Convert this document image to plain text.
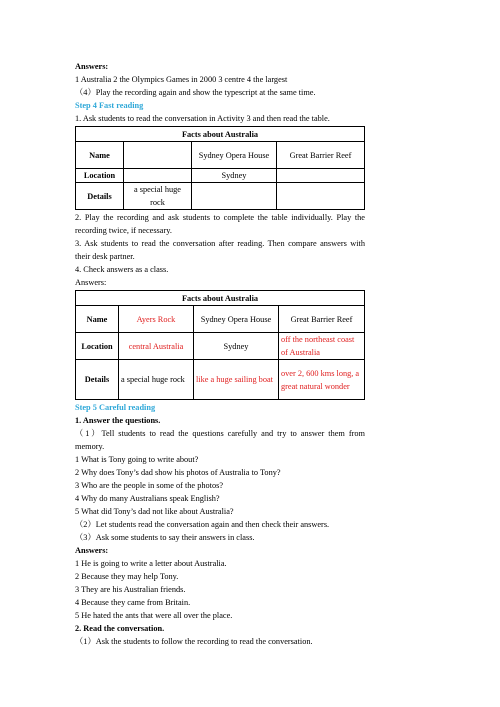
Answers:
1 Australia 2 the Olympics Games in 2000 3 centre 4 the largest
（4）Play the recording again and show the typescript at the same time.
Step 4 Fast reading
1. Ask students to read the conversation in Activity 3 and then read the table.
Facts about Australia			
Name		Sydney Opera House	Great Barrier Reef
Location		Sydney	
Details	a special huge rock		
2. Play the recording and ask students to complete the table individually. Play the recording twice, if necessary.
3. Ask students to read the conversation after reading. Then compare answers with their desk partner.
4. Check answers as a class.
Answers:
Facts about Australia			
Name	Ayers Rock	Sydney Opera House	Great Barrier Reef
Location	central Australia	Sydney	off the northeast coast of Australia
Details	a special huge rock	like a huge sailing boat	over 2, 600 kms long, a great natural wonder
Step 5 Careful reading
1. Answer the questions.
（1）Tell students to read the questions carefully and try to answer them from memory.
1 What is Tony going to write about?
2 Why does Tony’s dad show his photos of Australia to Tony?
3 Who are the people in some of the photos?
4 Why do many Australians speak English?
5 What did Tony’s dad not like about Australia?
（2）Let students read the conversation again and then check their answers.
（3）Ask some students to say their answers in class.
Answers:
1 He is going to write a letter about Australia.
2 Because they may help Tony.
3 They are his Australian friends.
4 Because they came from Britain.
5 He hated the ants that were all over the place.
2. Read the conversation.
（1）Ask the students to follow the recording to read the conversation.
